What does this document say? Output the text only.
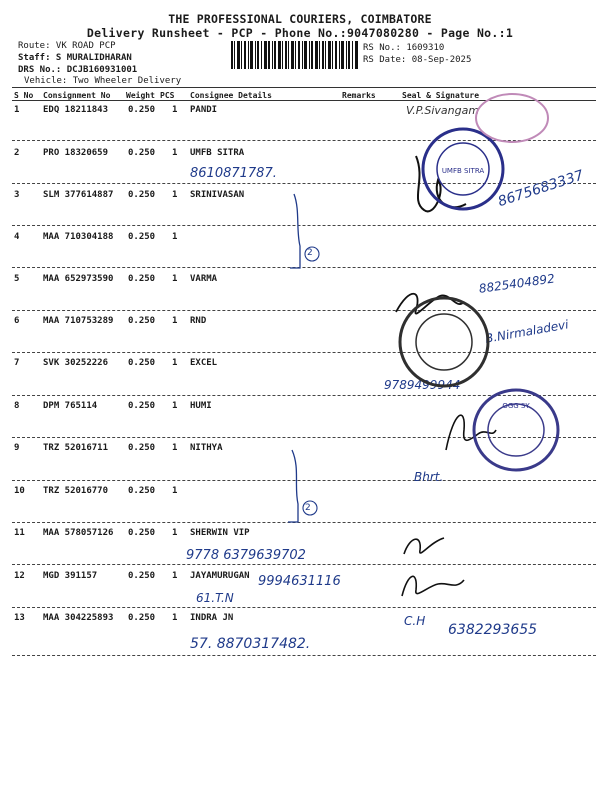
THE PROFESSIONAL COURIERS, COIMBATORE
Delivery Runsheet - PCP - Phone No.:9047080280 - Page No.:1
Route: VK ROAD PCP
Staff: S MURALIDHARAN
DRS No.: DCJB160931001
Vehicle: Two Wheeler Delivery
RS No.: 1609310
RS Date: 08-Sep-2025
S No Consignment No Weight PCS Consignee Details	Remarks	Seal & Signature
1	EDQ 18211843 0.250 1 PANDI
2	PRO 18320659 0.250 1 UMFB SITRA
3	SLM 377614887 0.250 1 SRINIVASAN
4	MAA 710304188 0.250 1
5	MAA 652973590 0.250 1 VARMA
6	MAA 710753289 0.250 1 RND
7	SVK 30252226 0.250 1 EXCEL
8	DPM 765114	0.250 1 HUMI
9	TRZ 52016711 0.250 1 NITHYA
10 TRZ 52016770 0.250 1
11 MAA 578057126 0.250 1 SHERWIN VIP
12 MGD 391157	0.250 1 JAYAMURUGAN
13 MAA 304225893 0.250 1 INDRA JN
V.P.Sivangam
8610871787.	8675683337
2
8825404892
B.Nirmaladevi
9789499944
Bhrt.
2
9778 6379639702
9994631116
61.T.N
C.H
6382293655
57. 8870317482.
UMFB SITRA
OGG SY
